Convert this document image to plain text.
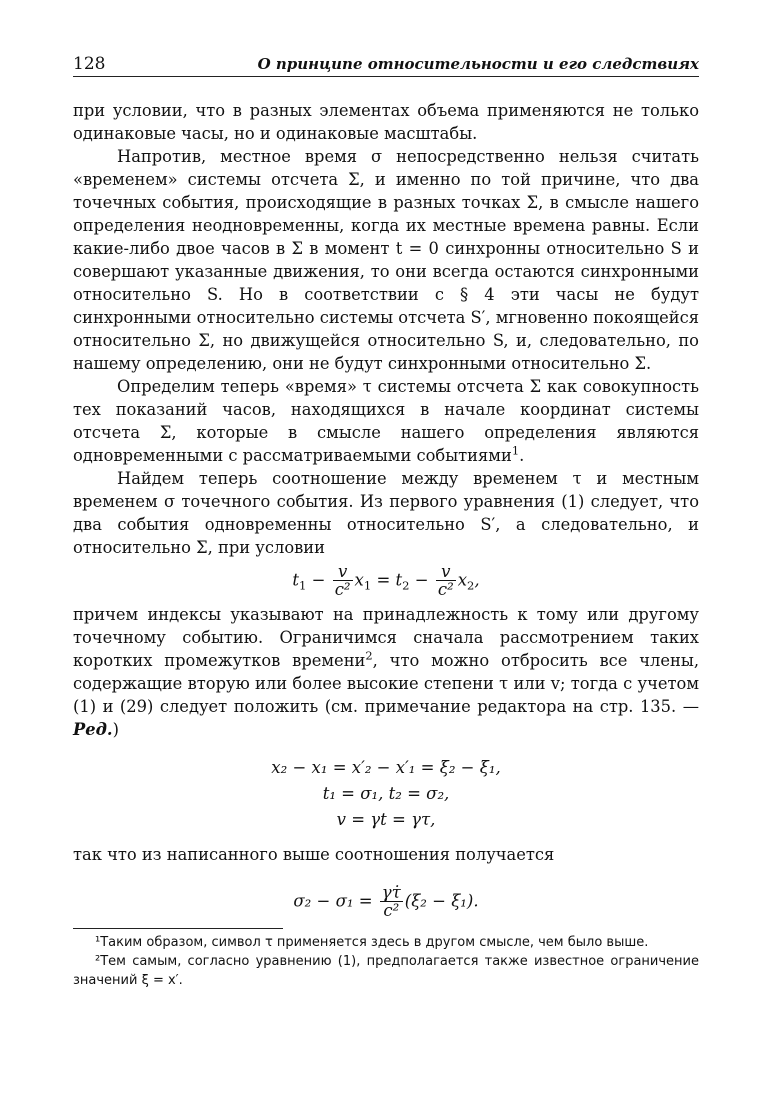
128	О принципе относительности и его следствиях

при условии, что в разных элементах объема применяются не только одинаковые часы, но и одинаковые масштабы.

Напротив, местное время σ непосредственно нельзя считать «временем» системы отсчета Σ, и именно по той причине, что два точечных события, происходящие в разных точках Σ, в смысле нашего определения неодновременны, когда их местные времена равны. Если какие-либо двое часов в Σ в момент t = 0 синхронны относительно S и совершают указанные движения, то они всегда остаются синхронными относительно S. Но в соответствии с § 4 эти часы не будут синхронными относительно системы отсчета S′, мгновенно покоящейся относительно Σ, но движущейся относительно S, и, следовательно, по нашему определению, они не будут синхронными относительно Σ.

Определим теперь «время» τ системы отсчета Σ как совокупность тех показаний часов, находящихся в начале координат системы отсчета Σ, которые в смысле нашего определения являются одновременными с рассматриваемыми событиями$^1$.

Найдем теперь соотношение между временем τ и местным временем σ точечного события. Из первого уравнения (1) следует, что два события одновременны относительно S′, а следовательно, и относительно Σ, при условии

$t_1 - \frac{v}{\text{c²}} x_1 = t_2 - \frac{v}{\text{c²}} x_2$,

причем индексы указывают на принадлежность к тому или другому точечному событию. Ограничимся сначала рассмотрением таких коротких промежутков времени$^2$, что можно отбросить все члены, содержащие вторую или более высокие степени τ или v; тогда с учетом (1) и (29) следует положить (см. примечание редактора на стр. 135. — Ред.)

x₂ − x₁ = x′₂ − x′₁ = ξ₂ − ξ₁,
t₁ = σ₁, t₂ = σ₂,
v = γt = γτ,

так что из написанного выше соотношения получается

$\sigma_2 - \sigma_1 = \frac{\gamma\tau̇}{\text{c²}} (\xi_2 - \xi_1)$.

¹Таким образом, символ τ применяется здесь в другом смысле, чем было выше.

²Тем самым, согласно уравнению (1), предполагается также известное ограничение значений ξ = x′.
